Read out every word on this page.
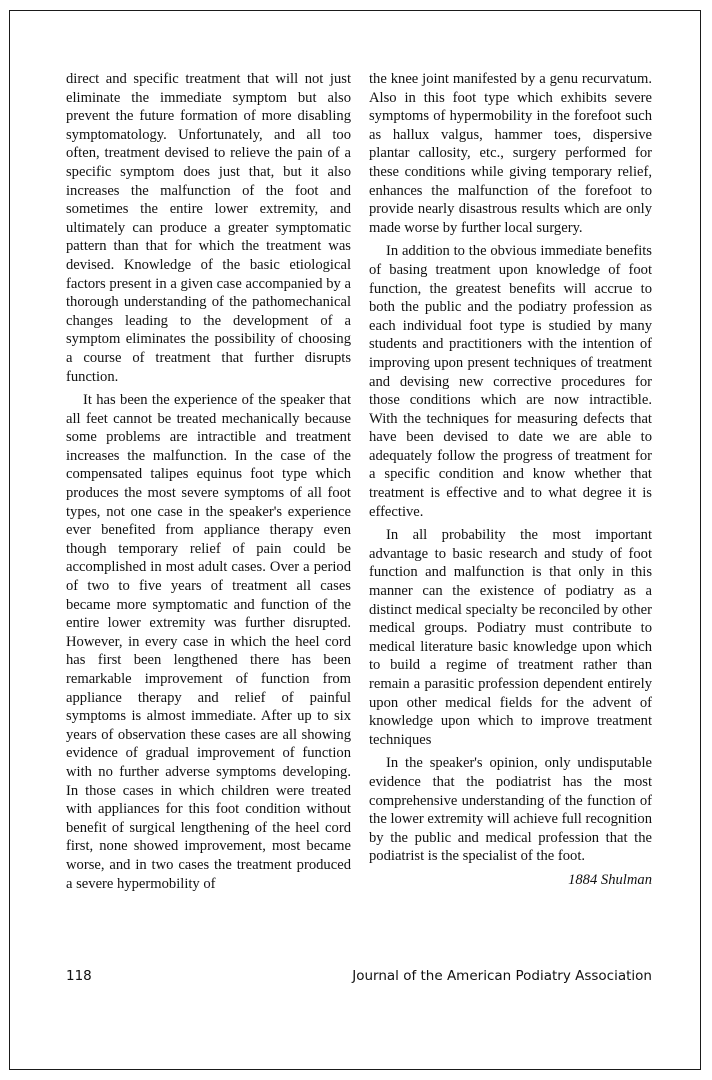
direct and specific treatment that will not just eliminate the immediate symptom but also prevent the future formation of more disabling symptomatology. Unfortunately, and all too often, treatment devised to relieve the pain of a specific symptom does just that, but it also increases the malfunction of the foot and sometimes the entire lower extremity, and ultimately can produce a greater symptomatic pattern than that for which the treatment was devised. Knowledge of the basic etiological factors present in a given case accompanied by a thorough understanding of the pathomechanical changes leading to the development of a symptom eliminates the possibility of choosing a course of treatment that further disrupts function.

It has been the experience of the speaker that all feet cannot be treated mechanically because some problems are intractible and treatment increases the malfunction. In the case of the compensated talipes equinus foot type which produces the most severe symptoms of all foot types, not one case in the speaker's experience ever benefited from appliance therapy even though temporary relief of pain could be accomplished in most adult cases. Over a period of two to five years of treatment all cases became more symptomatic and function of the entire lower extremity was further disrupted. However, in every case in which the heel cord has first been lengthened there has been remarkable improvement of function from appliance therapy and relief of painful symptoms is almost immediate. After up to six years of observation these cases are all showing evidence of gradual improvement of function with no further adverse symptoms developing. In those cases in which children were treated with appliances for this foot condition without benefit of surgical lengthening of the heel cord first, none showed improvement, most became worse, and in two cases the treatment produced a severe hypermobility of

the knee joint manifested by a genu recurvatum. Also in this foot type which exhibits severe symptoms of hypermobility in the forefoot such as hallux valgus, hammer toes, dispersive plantar callosity, etc., surgery performed for these conditions while giving temporary relief, enhances the malfunction of the forefoot to provide nearly disastrous results which are only made worse by further local surgery.

In addition to the obvious immediate benefits of basing treatment upon knowledge of foot function, the greatest benefits will accrue to both the public and the podiatry profession as each individual foot type is studied by many students and practitioners with the intention of improving upon present techniques of treatment and devising new corrective procedures for those conditions which are now intractible. With the techniques for measuring defects that have been devised to date we are able to adequately follow the progress of treatment for a specific condition and know whether that treatment is effective and to what degree it is effective.

In all probability the most important advantage to basic research and study of foot function and malfunction is that only in this manner can the existence of podiatry as a distinct medical specialty be reconciled by other medical groups. Podiatry must contribute to medical literature basic knowledge upon which to build a regime of treatment rather than remain a parasitic profession dependent entirely upon other medical fields for the advent of knowledge upon which to improve treatment techniques

In the speaker's opinion, only undisputable evidence that the podiatrist has the most comprehensive understanding of the function of the lower extremity will achieve full recognition by the public and medical profession that the podiatrist is the specialist of the foot.

1884 Shulman

118	Journal of the American Podiatry Association
